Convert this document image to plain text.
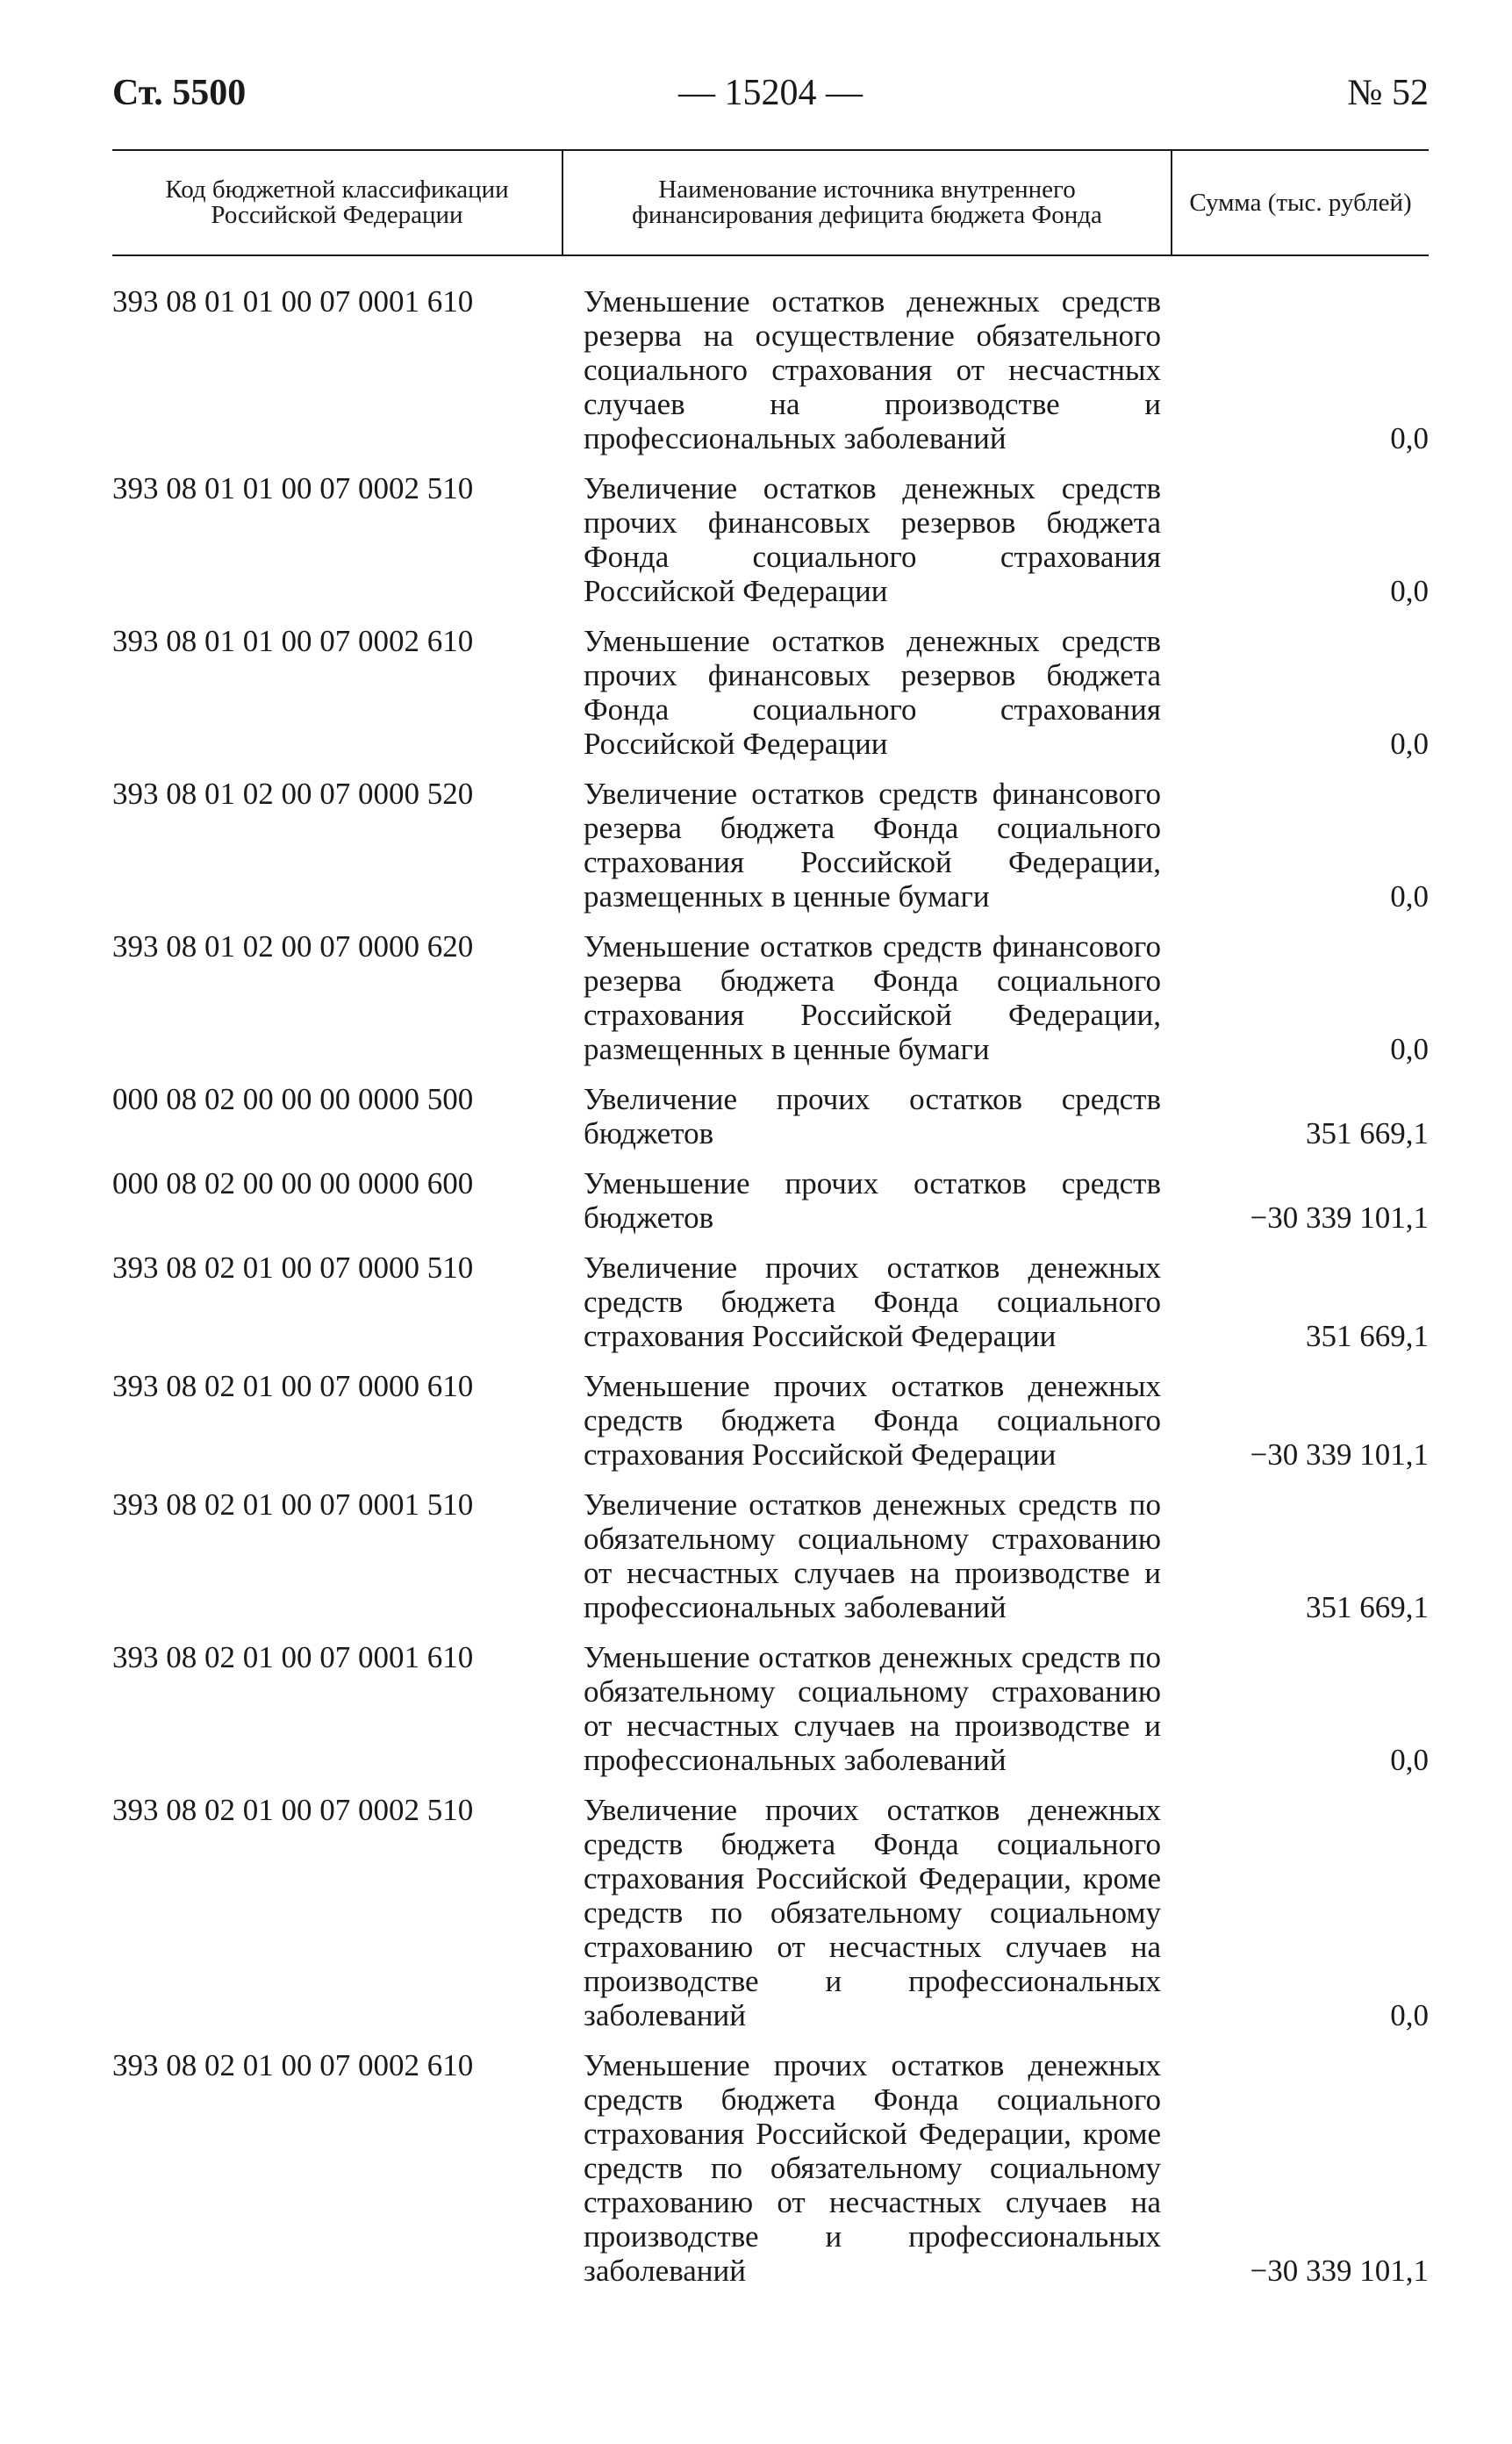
— 15204 —
Ст. 5500	№ 52
Код бюджетной классификации Российской Федерации	Наименование источника внутреннего финансирования дефицита бюджета Фонда	Сумма (тыс. рублей)

393 08 01 01 00 07 0001 610	Уменьшение остатков денежных средств резерва на осуществление обязательного социального страхования от несчастных случаев на производстве и профессиональных заболеваний	0,0
393 08 01 01 00 07 0002 510	Увеличение остатков денежных средств прочих финансовых резервов бюджета Фонда социального страхования Российской Федерации	0,0
393 08 01 01 00 07 0002 610	Уменьшение остатков денежных средств прочих финансовых резервов бюджета Фонда социального страхования Российской Федерации	0,0
393 08 01 02 00 07 0000 520	Увеличение остатков средств финансового резерва бюджета Фонда социального страхования Российской Федерации, размещенных в ценные бумаги	0,0
393 08 01 02 00 07 0000 620	Уменьшение остатков средств финансового резерва бюджета Фонда социального страхования Российской Федерации, размещенных в ценные бумаги	0,0
000 08 02 00 00 00 0000 500	Увеличение прочих остатков средств бюджетов	351 669,1
000 08 02 00 00 00 0000 600	Уменьшение прочих остатков средств бюджетов	−30 339 101,1
393 08 02 01 00 07 0000 510	Увеличение прочих остатков денежных средств бюджета Фонда социального страхования Российской Федерации	351 669,1
393 08 02 01 00 07 0000 610	Уменьшение прочих остатков денежных средств бюджета Фонда социального страхования Российской Федерации	−30 339 101,1
393 08 02 01 00 07 0001 510	Увеличение остатков денежных средств по обязательному социальному страхованию от несчастных случаев на производстве и профессиональных заболеваний	351 669,1
393 08 02 01 00 07 0001 610	Уменьшение остатков денежных средств по обязательному социальному страхованию от несчастных случаев на производстве и профессиональных заболеваний	0,0
393 08 02 01 00 07 0002 510	Увеличение прочих остатков денежных средств бюджета Фонда социального страхования Российской Федерации, кроме средств по обязательному социальному страхованию от несчастных случаев на производстве и профессиональных заболеваний	0,0
393 08 02 01 00 07 0002 610	Уменьшение прочих остатков денежных средств бюджета Фонда социального страхования Российской Федерации, кроме средств по обязательному социальному страхованию от несчастных случаев на производстве и профессиональных заболеваний	−30 339 101,1
